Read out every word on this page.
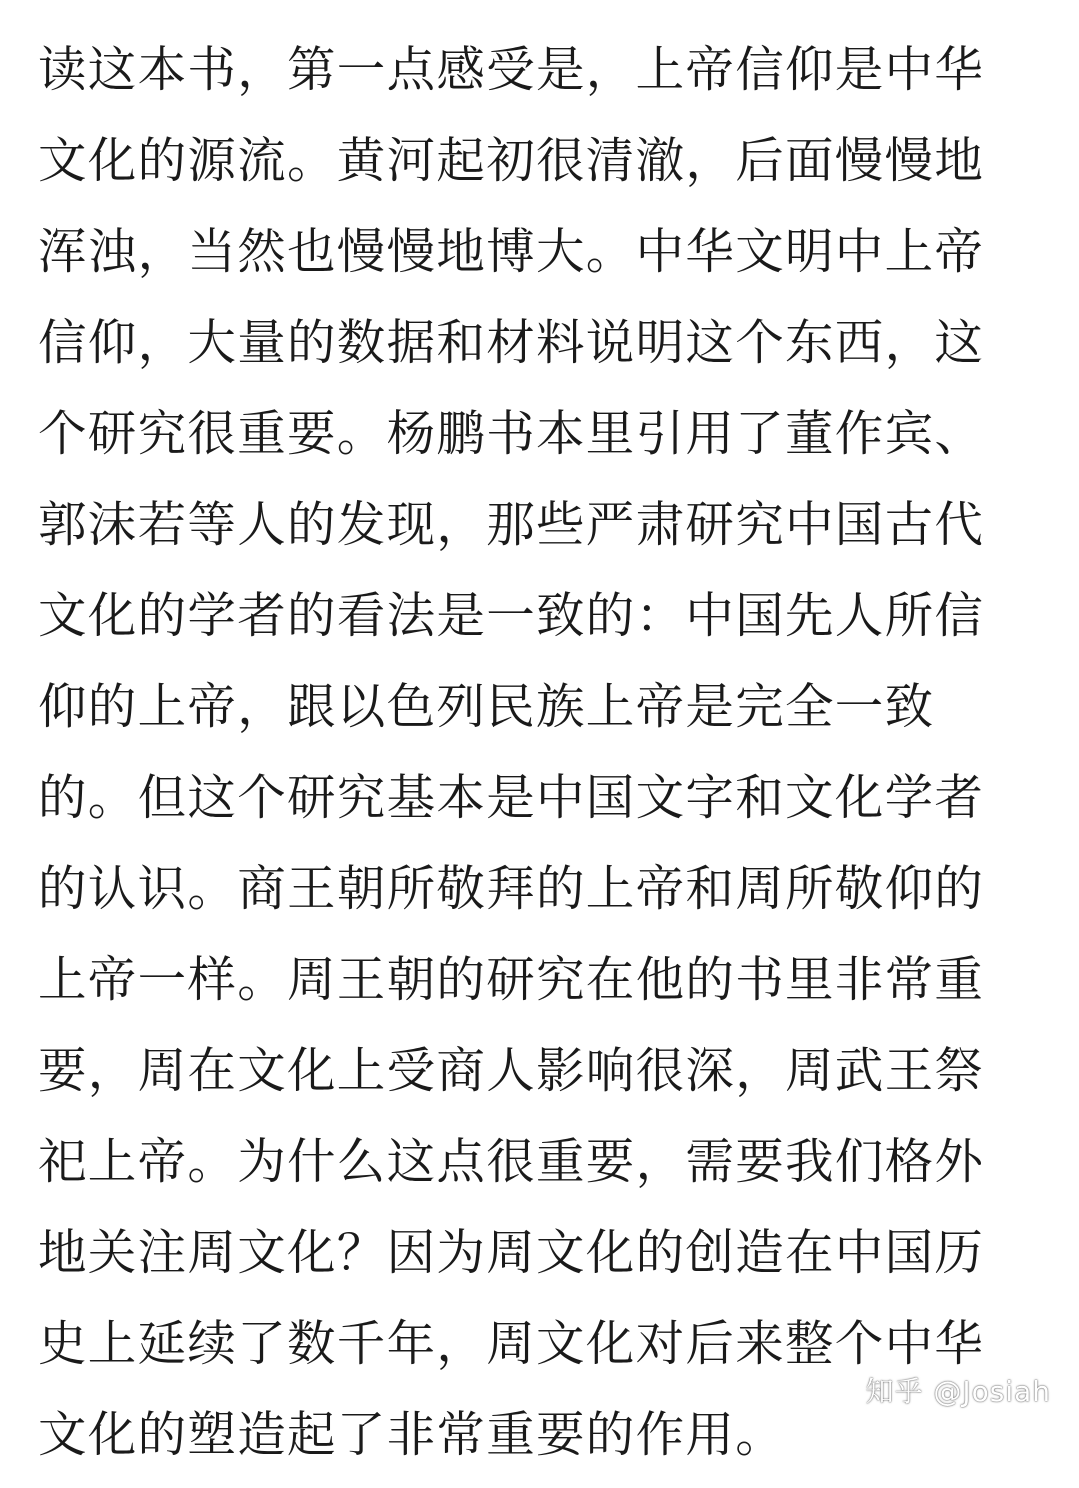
读这本书，第一点感受是，上帝信仰是中华
文化的源流。黄河起初很清澈，后面慢慢地
浑浊，当然也慢慢地博大。中华文明中上帝
信仰，大量的数据和材料说明这个东西，这
个研究很重要。杨鹏书本里引用了董作宾、
郭沫若等人的发现，那些严肃研究中国古代
文化的学者的看法是一致的：中国先人所信
仰的上帝，跟以色列民族上帝是完全一致
的。但这个研究基本是中国文字和文化学者
的认识。商王朝所敬拜的上帝和周所敬仰的
上帝一样。周王朝的研究在他的书里非常重
要，周在文化上受商人影响很深，周武王祭
祀上帝。为什么这点很重要，需要我们格外
地关注周文化？因为周文化的创造在中国历
史上延续了数千年，周文化对后来整个中华
文化的塑造起了非常重要的作用。
知乎 @Josiah
